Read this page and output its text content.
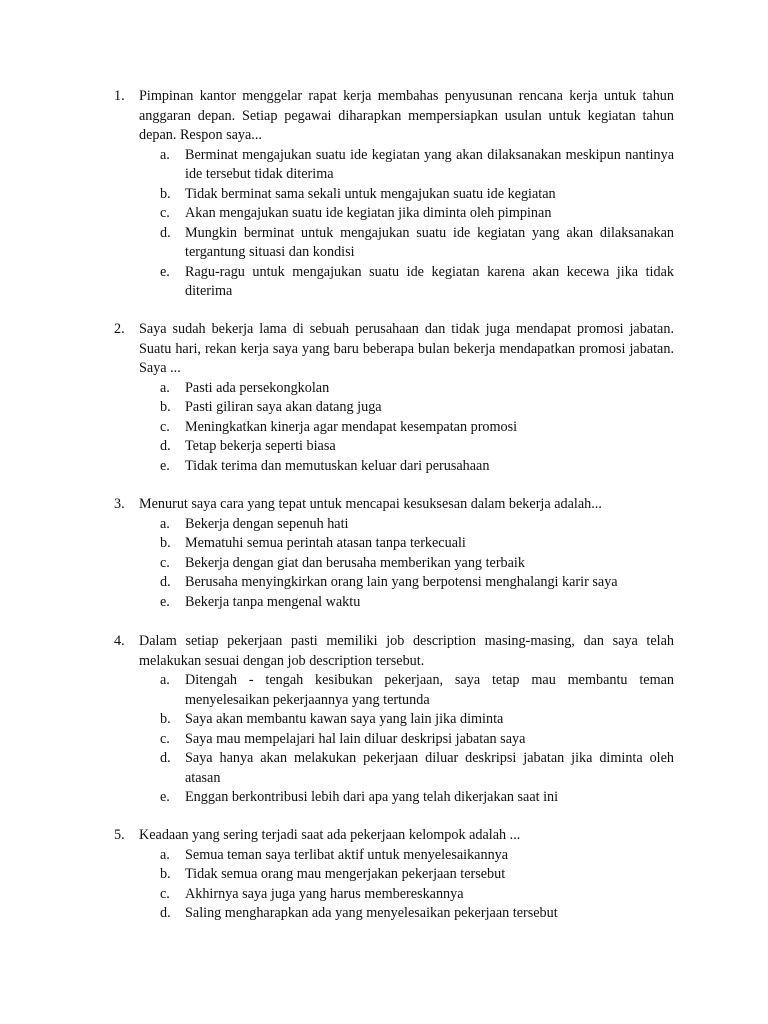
1. Pimpinan kantor menggelar rapat kerja membahas penyusunan rencana kerja untuk tahun anggaran depan. Setiap pegawai diharapkan mempersiapkan usulan untuk kegiatan tahun depan. Respon saya...
a. Berminat mengajukan suatu ide kegiatan yang akan dilaksanakan meskipun nantinya ide tersebut tidak diterima
b. Tidak berminat sama sekali untuk mengajukan suatu ide kegiatan
c. Akan mengajukan suatu ide kegiatan jika diminta oleh pimpinan
d. Mungkin berminat untuk mengajukan suatu ide kegiatan yang akan dilaksanakan tergantung situasi dan kondisi
e. Ragu-ragu untuk mengajukan suatu ide kegiatan karena akan kecewa jika tidak diterima
2. Saya sudah bekerja lama di sebuah perusahaan dan tidak juga mendapat promosi jabatan. Suatu hari, rekan kerja saya yang baru beberapa bulan bekerja mendapatkan promosi jabatan. Saya ...
a. Pasti ada persekongkolan
b. Pasti giliran saya akan datang juga
c. Meningkatkan kinerja agar mendapat kesempatan promosi
d. Tetap bekerja seperti biasa
e. Tidak terima dan memutuskan keluar dari perusahaan
3. Menurut saya cara yang tepat untuk mencapai kesuksesan dalam bekerja adalah...
a. Bekerja dengan sepenuh hati
b. Mematuhi semua perintah atasan tanpa terkecuali
c. Bekerja dengan giat dan berusaha memberikan yang terbaik
d. Berusaha menyingkirkan orang lain yang berpotensi menghalangi karir saya
e. Bekerja tanpa mengenal waktu
4. Dalam setiap pekerjaan pasti memiliki job description masing-masing, dan saya telah melakukan sesuai dengan job description tersebut.
a. Ditengah - tengah kesibukan pekerjaan, saya tetap mau membantu teman menyelesaikan pekerjaannya yang tertunda
b. Saya akan membantu kawan saya yang lain jika diminta
c. Saya mau mempelajari hal lain diluar deskripsi jabatan saya
d. Saya hanya akan melakukan pekerjaan diluar deskripsi jabatan jika diminta oleh atasan
e. Enggan berkontribusi lebih dari apa yang telah dikerjakan saat ini
5. Keadaan yang sering terjadi saat ada pekerjaan kelompok adalah ...
a. Semua teman saya terlibat aktif untuk menyelesaikannya
b. Tidak semua orang mau mengerjakan pekerjaan tersebut
c. Akhirnya saya juga yang harus membereskannya
d. Saling mengharapkan ada yang menyelesaikan pekerjaan tersebut
